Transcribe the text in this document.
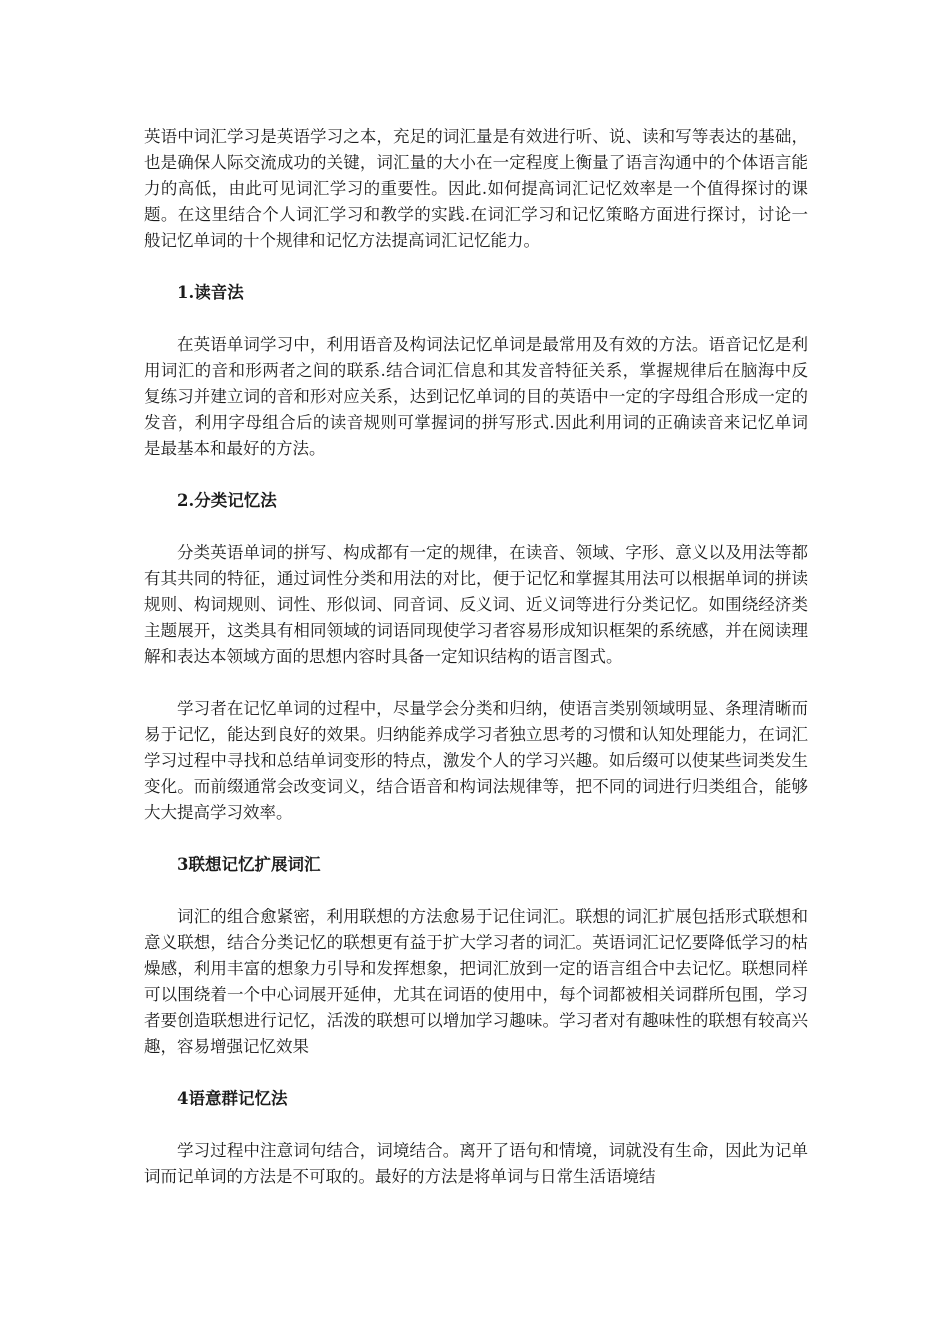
英语中词汇学习是英语学习之本，充足的词汇量是有效进行听、说、读和写等表达的基础，也是确保人际交流成功的关键，词汇量的大小在一定程度上衡量了语言沟通中的个体语言能力的高低，由此可见词汇学习的重要性。因此.如何提高词汇记忆效率是一个值得探讨的课题。在这里结合个人词汇学习和教学的实践.在词汇学习和记忆策略方面进行探讨，讨论一般记忆单词的十个规律和记忆方法提高词汇记忆能力。

1.读音法

在英语单词学习中，利用语音及构词法记忆单词是最常用及有效的方法。语音记忆是利用词汇的音和形两者之间的联系.结合词汇信息和其发音特征关系，掌握规律后在脑海中反复练习并建立词的音和形对应关系，达到记忆单词的目的英语中一定的字母组合形成一定的发音，利用字母组合后的读音规则可掌握词的拼写形式.因此利用词的正确读音来记忆单词是最基本和最好的方法。

2.分类记忆法

分类英语单词的拼写、构成都有一定的规律，在读音、领域、字形、意义以及用法等都有其共同的特征，通过词性分类和用法的对比，便于记忆和掌握其用法可以根据单词的拼读规则、构词规则、词性、形似词、同音词、反义词、近义词等进行分类记忆。如围绕经济类主题展开，这类具有相同领域的词语同现使学习者容易形成知识框架的系统感，并在阅读理解和表达本领域方面的思想内容时具备一定知识结构的语言图式。

学习者在记忆单词的过程中，尽量学会分类和归纳，使语言类别领域明显、条理清晰而易于记忆，能达到良好的效果。归纳能养成学习者独立思考的习惯和认知处理能力，在词汇学习过程中寻找和总结单词变形的特点，激发个人的学习兴趣。如后缀可以使某些词类发生变化。而前缀通常会改变词义，结合语音和构词法规律等，把不同的词进行归类组合，能够大大提高学习效率。

3联想记忆扩展词汇

词汇的组合愈紧密，利用联想的方法愈易于记住词汇。联想的词汇扩展包括形式联想和意义联想，结合分类记忆的联想更有益于扩大学习者的词汇。英语词汇记忆要降低学习的枯燥感，利用丰富的想象力引导和发挥想象，把词汇放到一定的语言组合中去记忆。联想同样可以围绕着一个中心词展开延伸，尤其在词语的使用中，每个词都被相关词群所包围，学习者要创造联想进行记忆，活泼的联想可以增加学习趣味。学习者对有趣味性的联想有较高兴趣，容易增强记忆效果

4语意群记忆法

学习过程中注意词句结合，词境结合。离开了语句和情境，词就没有生命，因此为记单词而记单词的方法是不可取的。最好的方法是将单词与日常生活语境结
